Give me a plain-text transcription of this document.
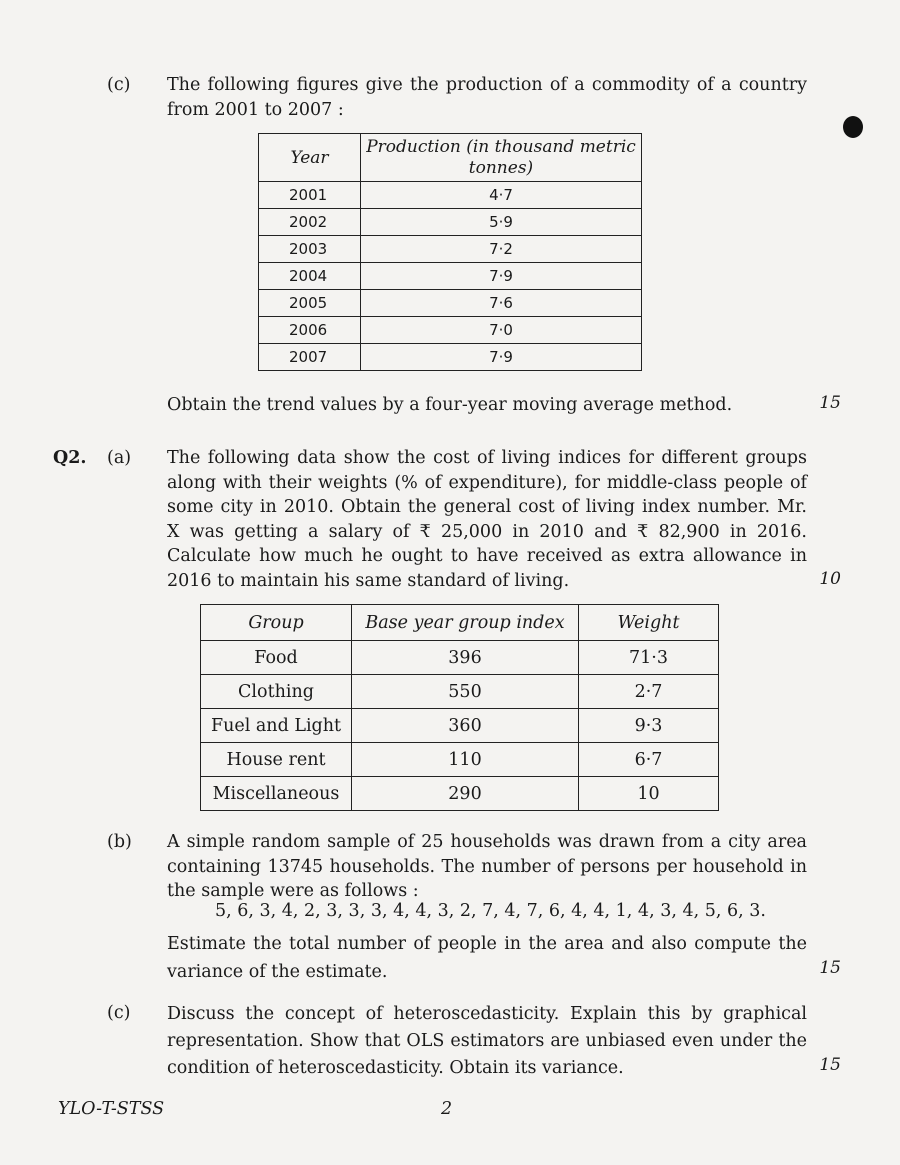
(c) The following figures give the production of a commodity of a country from 2001 to 2007 :
Year	Production (in thousand metric tonnes)
2001	4·7
2002	5·9
2003	7·2
2004	7·9
2005	7·6
2006	7·0
2007	7·9
Obtain the trend values by a four-year moving average method.	15
Q2. (a) The following data show the cost of living indices for different groups along with their weights (% of expenditure), for middle-class people of some city in 2010. Obtain the general cost of living index number. Mr. X was getting a salary of ₹ 25,000 in 2010 and ₹ 82,900 in 2016. Calculate how much he ought to have received as extra allowance in 2016 to maintain his same standard of living.	10
Group	Base year group index	Weight
Food	396	71·3
Clothing	550	2·7
Fuel and Light	360	9·3
House rent	110	6·7
Miscellaneous	290	10
(b) A simple random sample of 25 households was drawn from a city area containing 13745 households. The number of persons per household in the sample were as follows :
5, 6, 3, 4, 2, 3, 3, 3, 4, 4, 3, 2, 7, 4, 7, 6, 4, 4, 1, 4, 3, 4, 5, 6, 3.
Estimate the total number of people in the area and also compute the variance of the estimate.	15
(c) Discuss the concept of heteroscedasticity. Explain this by graphical representation. Show that OLS estimators are unbiased even under the condition of heteroscedasticity. Obtain its variance.	15
YLO-T-STSS	2
